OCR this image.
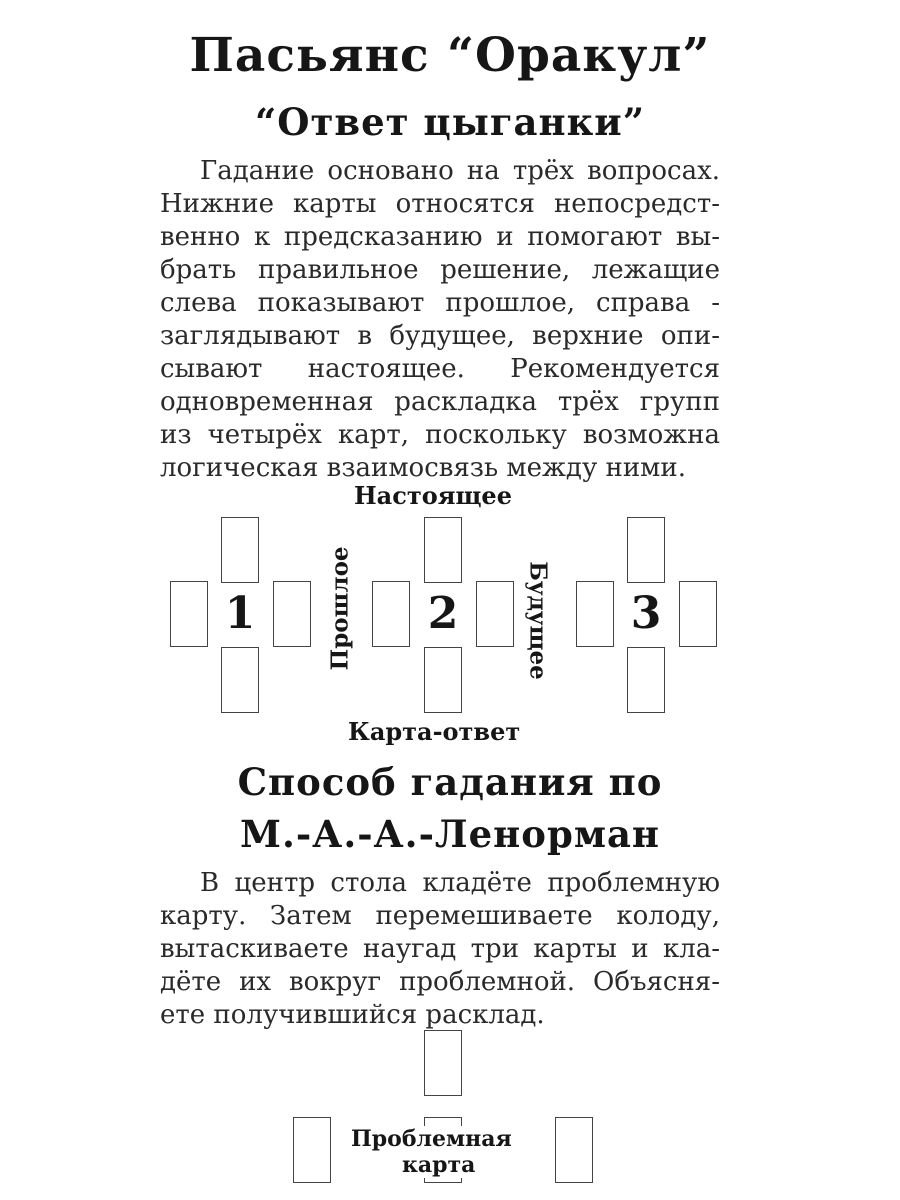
Пасьянс “Оракул”
“Ответ цыганки”
Гадание основано на трёх вопросах.
Нижние карты относятся непосредст-
венно к предсказанию и помогают вы-
брать правильное решение, лежащие
слева показывают прошлое, справа -
заглядывают в будущее, верхние опи-
сывают настоящее. Рекомендуется
одновременная раскладка трёх групп
из четырёх карт, поскольку возможна
логическая взаимосвязь между ними.
Настоящее
Прошлое	Будущее
Карта-ответ
1	2	3
Способ гадания по
М.-А.-А.-Ленорман
В центр стола кладёте проблемную
карту. Затем перемешиваете колоду,
вытаскиваете наугад три карты и кла-
дёте их вокруг проблемной. Объясня-
ете получившийся расклад.
Проблемная
карта
